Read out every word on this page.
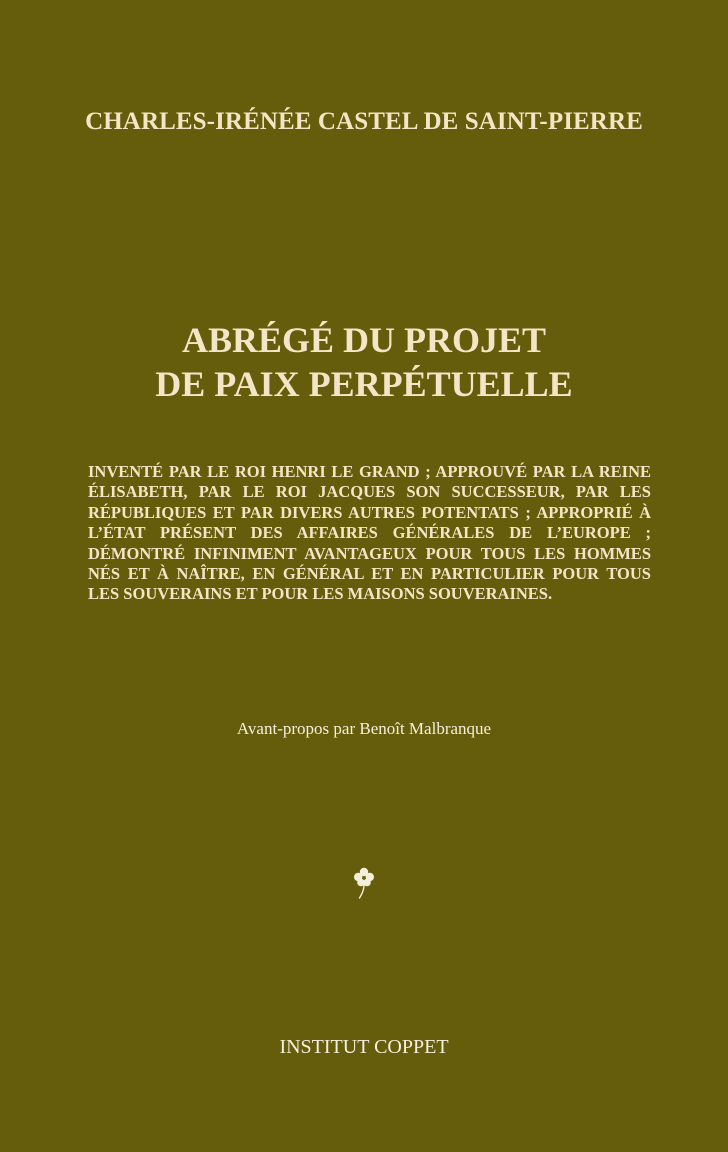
CHARLES-IRÉNÉE CASTEL DE SAINT-PIERRE
ABRÉGÉ DU PROJET
DE PAIX PERPÉTUELLE
INVENTÉ PAR LE ROI HENRI LE GRAND ; APPROUVÉ PAR LA REINE ÉLISABETH, PAR LE ROI JACQUES SON SUCCESSEUR, PAR LES RÉPUBLIQUES ET PAR DIVERS AUTRES POTENTATS ; APPROPRIÉ À L’ÉTAT PRÉSENT DES AFFAIRES GÉNÉRALES DE L’EUROPE ; DÉMONTRÉ INFINIMENT AVANTAGEUX POUR TOUS LES HOMMES NÉS ET À NAÎTRE, EN GÉNÉRAL ET EN PARTICULIER POUR TOUS LES SOUVERAINS ET POUR LES MAISONS SOUVERAINES.
Avant-propos par Benoît Malbranque
INSTITUT COPPET
